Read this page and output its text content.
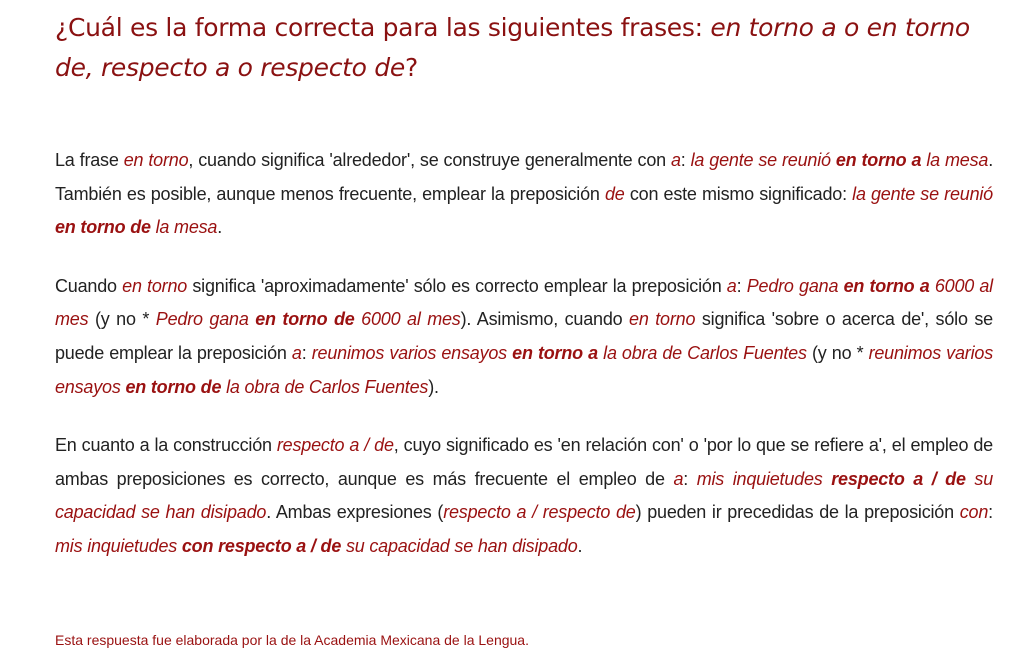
¿Cuál es la forma correcta para las siguientes frases: en torno a o en torno de, respecto a o respecto de?

La frase en torno, cuando significa 'alrededor', se construye generalmente con a: la gente se reunió en torno a la mesa. También es posible, aunque menos frecuente, emplear la preposición de con este mismo significado: la gente se reunió en torno de la mesa.

Cuando en torno significa 'aproximadamente' sólo es correcto emplear la preposición a: Pedro gana en torno a 6000 al mes (y no * Pedro gana en torno de 6000 al mes). Asimismo, cuando en torno significa 'sobre o acerca de', sólo se puede emplear la preposición a: reunimos varios ensayos en torno a la obra de Carlos Fuentes (y no * reunimos varios ensayos en torno de la obra de Carlos Fuentes).

En cuanto a la construcción respecto a / de, cuyo significado es 'en relación con' o 'por lo que se refiere a', el empleo de ambas preposiciones es correcto, aunque es más frecuente el empleo de a: mis inquietudes respecto a / de su capacidad se han disipado. Ambas expresiones (respecto a / respecto de) pueden ir precedidas de la preposición con: mis inquietudes con respecto a / de su capacidad se han disipado.

Esta respuesta fue elaborada por la de la Academia Mexicana de la Lengua.
